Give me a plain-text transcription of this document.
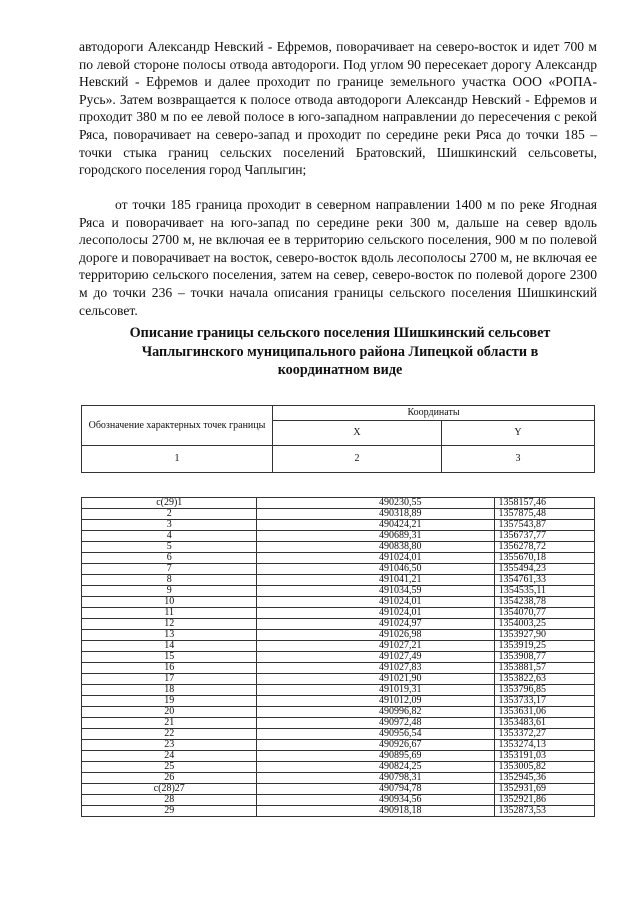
автодороги Александр Невский - Ефремов, поворачивает на северо-восток и идет 700 м по левой стороне полосы отвода автодороги. Под углом 90 пересекает дорогу Александр Невский - Ефремов и далее проходит по границе земельного участка ООО «РОПА-Русь». Затем возвращается к полосе отвода автодороги Александр Невский - Ефремов и проходит 380 м по ее левой полосе в юго-западном направлении до пересечения с рекой Ряса, поворачивает на северо-запад и проходит по середине реки Ряса до точки 185 – точки стыка границ сельских поселений Братовский, Шишкинский сельсоветы, городского поселения город Чаплыгин;

от точки 185 граница проходит в северном направлении 1400 м по реке Ягодная Ряса и поворачивает на юго-запад по середине реки 300 м, дальше на север вдоль лесополосы 2700 м, не включая ее в территорию сельского поселения, 900 м по полевой дороге и поворачивает на восток, северо-восток вдоль лесополосы 2700 м, не включая ее территорию сельского поселения, затем на север, северо-восток по полевой дороге 2300 м до точки 236 – точки начала описания границы сельского поселения Шишкинский сельсовет.

Описание границы сельского поселения Шишкинский сельсовет
Чаплыгинского муниципального района Липецкой области в
координатном виде
Обозначение характерных точек границы	Координаты	
	X	Y
1	2	3
с(29)1	490230,55	1358157,46
2	490318,89	1357875,48
3	490424,21	1357543,87
4	490689,31	1356737,77
5	490838,80	1356278,72
6	491024,01	1355670,18
7	491046,50	1355494,23
8	491041,21	1354761,33
9	491034,59	1354535,11
10	491024,01	1354238,78
11	491024,01	1354070,77
12	491024,97	1354003,25
13	491026,98	1353927,90
14	491027,21	1353919,25
15	491027,49	1353908,77
16	491027,83	1353881,57
17	491021,90	1353822,63
18	491019,31	1353796,85
19	491012,09	1353733,17
20	490996,82	1353631,06
21	490972,48	1353483,61
22	490956,54	1353372,27
23	490926,67	1353274,13
24	490895,69	1353191,03
25	490824,25	1353005,82
26	490798,31	1352945,36
с(28)27	490794,78	1352931,69
28	490934,56	1352921,86
29	490918,18	1352873,53
